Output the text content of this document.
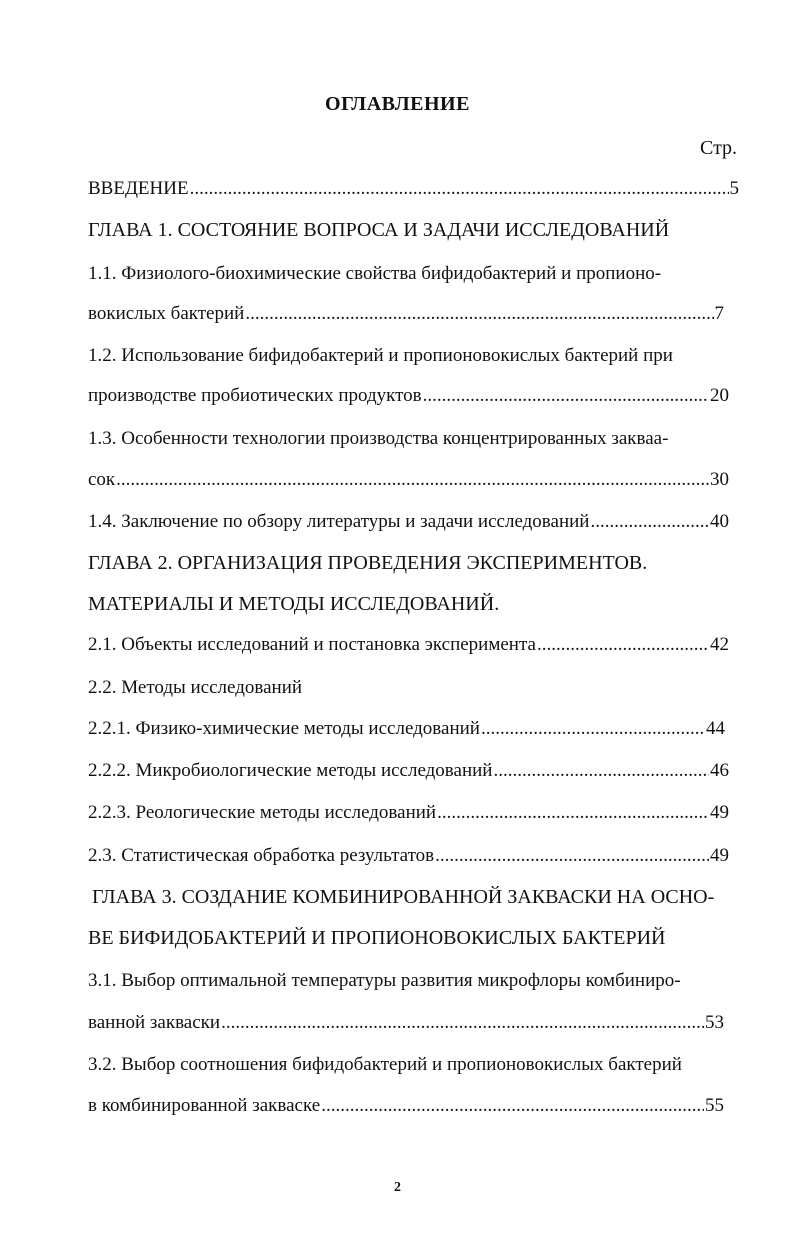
ОГЛАВЛЕНИЕ
Стр.
ВВЕДЕНИЕ .....	5
ГЛАВА 1. СОСТОЯНИЕ ВОПРОСА И ЗАДАЧИ ИССЛЕДОВАНИЙ
1.1. Физиолого-биохимические свойства бифидобактерий и пропионо-
вокислых бактерий .....	7
1.2. Использование бифидобактерий и пропионовокислых бактерий при
производстве пробиотических продуктов .....	20
1.3. Особенности технологии производства концентрированных закваа-
сок .....	30
1.4. Заключение по обзору литературы и задачи исследований .....	40
ГЛАВА 2. ОРГАНИЗАЦИЯ ПРОВЕДЕНИЯ ЭКСПЕРИМЕНТОВ.
МАТЕРИАЛЫ И МЕТОДЫ ИССЛЕДОВАНИЙ.
2.1. Объекты исследований и постановка эксперимента .....	42
2.2. Методы исследований
2.2.1. Физико-химические методы исследований .....	44
2.2.2. Микробиологические методы исследований .....	46
2.2.3. Реологические методы исследований .....	49
2.3. Статистическая обработка результатов .....	49
ГЛАВА 3. СОЗДАНИЕ КОМБИНИРОВАННОЙ ЗАКВАСКИ НА ОСНО-
ВЕ БИФИДОБАКТЕРИЙ И ПРОПИОНОВОКИСЛЫХ БАКТЕРИЙ
3.1. Выбор оптимальной температуры развития микрофлоры комбиниро-
ванной закваски .....	53
3.2. Выбор соотношения бифидобактерий и пропионовокислых бактерий
в комбинированной закваске .....	55
2
